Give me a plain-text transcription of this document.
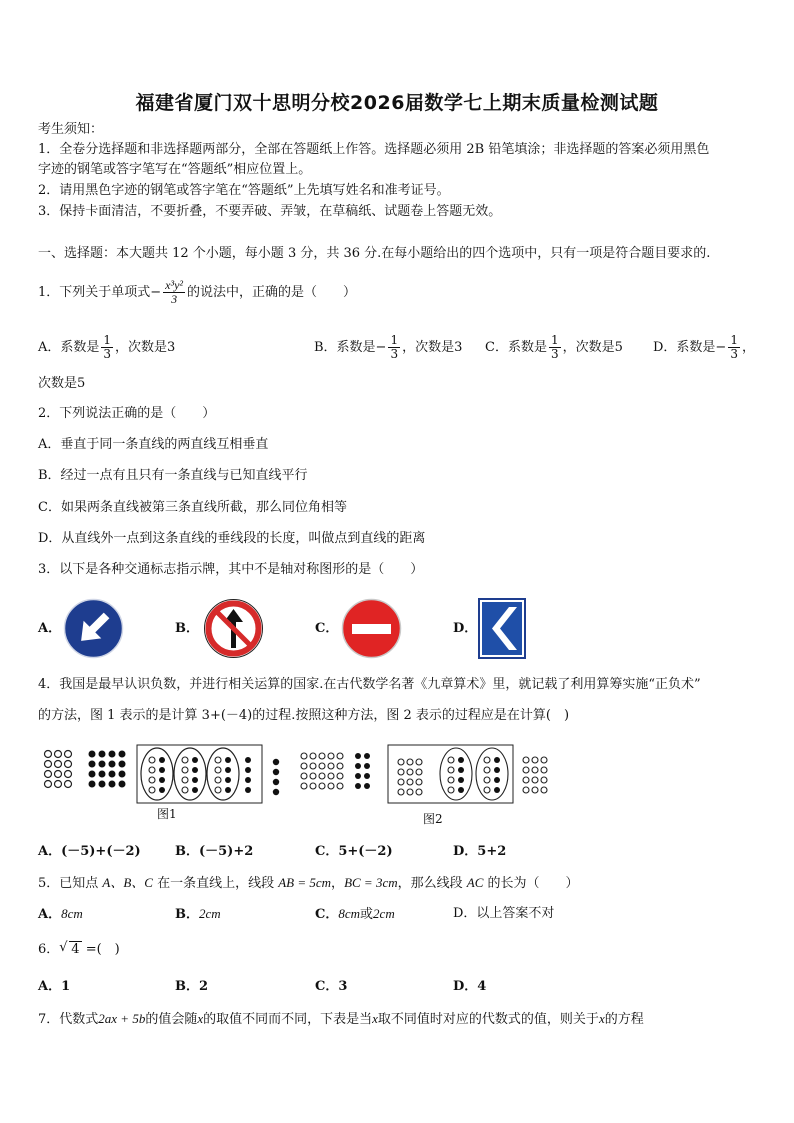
福建省厦门双十思明分校2026届数学七上期末质量检测试题
考生须知：
1．全卷分选择题和非选择题两部分，全部在答题纸上作答。选择题必须用 2B 铅笔填涂；非选择题的答案必须用黑色
字迹的钢笔或答字笔写在“答题纸”相应位置上。
2．请用黑色字迹的钢笔或答字笔在“答题纸”上先填写姓名和准考证号。
3．保持卡面清洁，不要折叠，不要弄破、弄皱，在草稿纸、试题卷上答题无效。
一、选择题：本大题共 12 个小题，每小题 3 分，共 36 分.在每小题给出的四个选项中，只有一项是符合题目要求的.
1．下列关于单项式− $\frac{\text{x³y²}}{3}$ 的说法中，正确的是（　　）
A．系数是 $\frac{1}{3}$ ，次数是3	B．系数是− $\frac{1}{3}$ ，次数是3 C．系数是 $\frac{1}{3}$ ，次数是5 D．系数是− $\frac{1}{3}$ ，
次数是5
2．下列说法正确的是（　　）
A．垂直于同一条直线的两直线互相垂直
B．经过一点有且只有一条直线与已知直线平行
C．如果两条直线被第三条直线所截，那么同位角相等
D．从直线外一点到这条直线的垂线段的长度，叫做点到直线的距离
3．以下是各种交通标志指示牌，其中不是轴对称图形的是（　　）
A．	B．	C．	D．
4．我国是最早认识负数，并进行相关运算的国家.在古代数学名著《九章算术》里，就记载了利用算筹实施“正负术”
的方法，图 1 表示的是计算 3+(－4)的过程.按照这种方法，图 2 表示的过程应是在计算(　)
图1	图2
A．(－5)+(－2)	B．(－5)+2	C．5+(－2)	D．5+2
5．已知点 A、B、C 在一条直线上，线段 AB = 5cm，BC = 3cm，那么线段 AC 的长为（　　）
A．8cm	B．2cm	C．8cm或2cm	D．以上答案不对
6． √ 4 =(　)
A．1	B．2	C．3	D．4
7．代数式2ax + 5b的值会随x的取值不同而不同，下表是当x取不同值时对应的代数式的值，则关于x的方程
